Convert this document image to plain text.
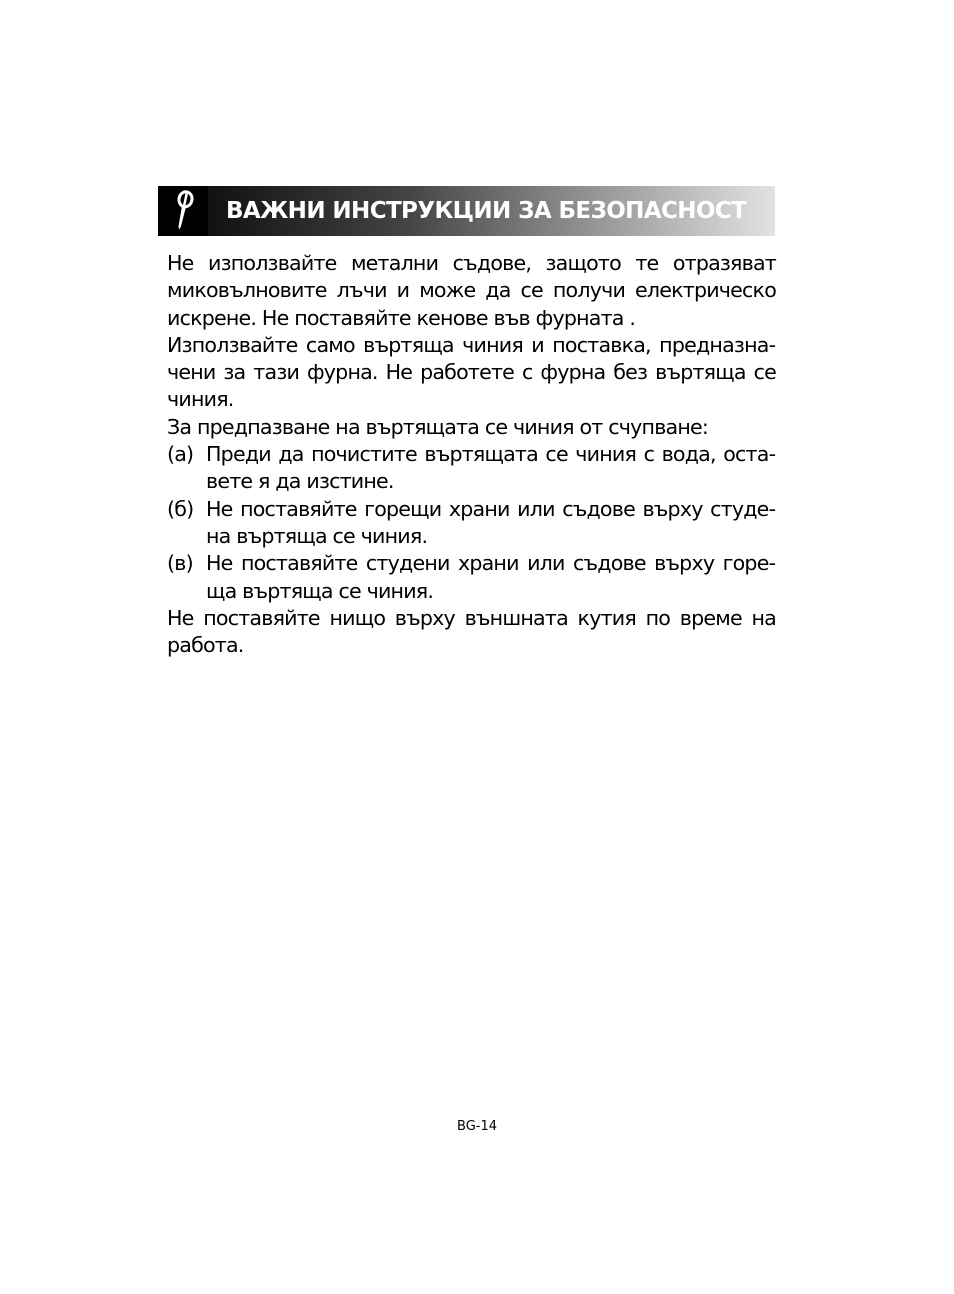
ВАЖНИ ИНСТРУКЦИИ ЗА БЕЗОПАСНОСТ

Не използвайте метални съдове, защото те отразяват миковълновите лъчи и може да се получи електрическо искрене. Не поставяйте кенове във фурната .

Използвайте само въртяща чиния и поставка, предназначени за тази фурна. Не работете с фурна без въртяща се чиния.

За предпазване на въртящата се чиния от счупване:

(a) Преди да почистите въртящата се чиния с вода, оставете я да изстине.
(б) Не поставяйте горещи храни или съдове върху студена въртяща се чиния.
(в) Не поставяйте студени храни или съдове върху гореща въртяща се чиния.

Не поставяйте нищо върху външната кутия по време на работа.

BG-14
